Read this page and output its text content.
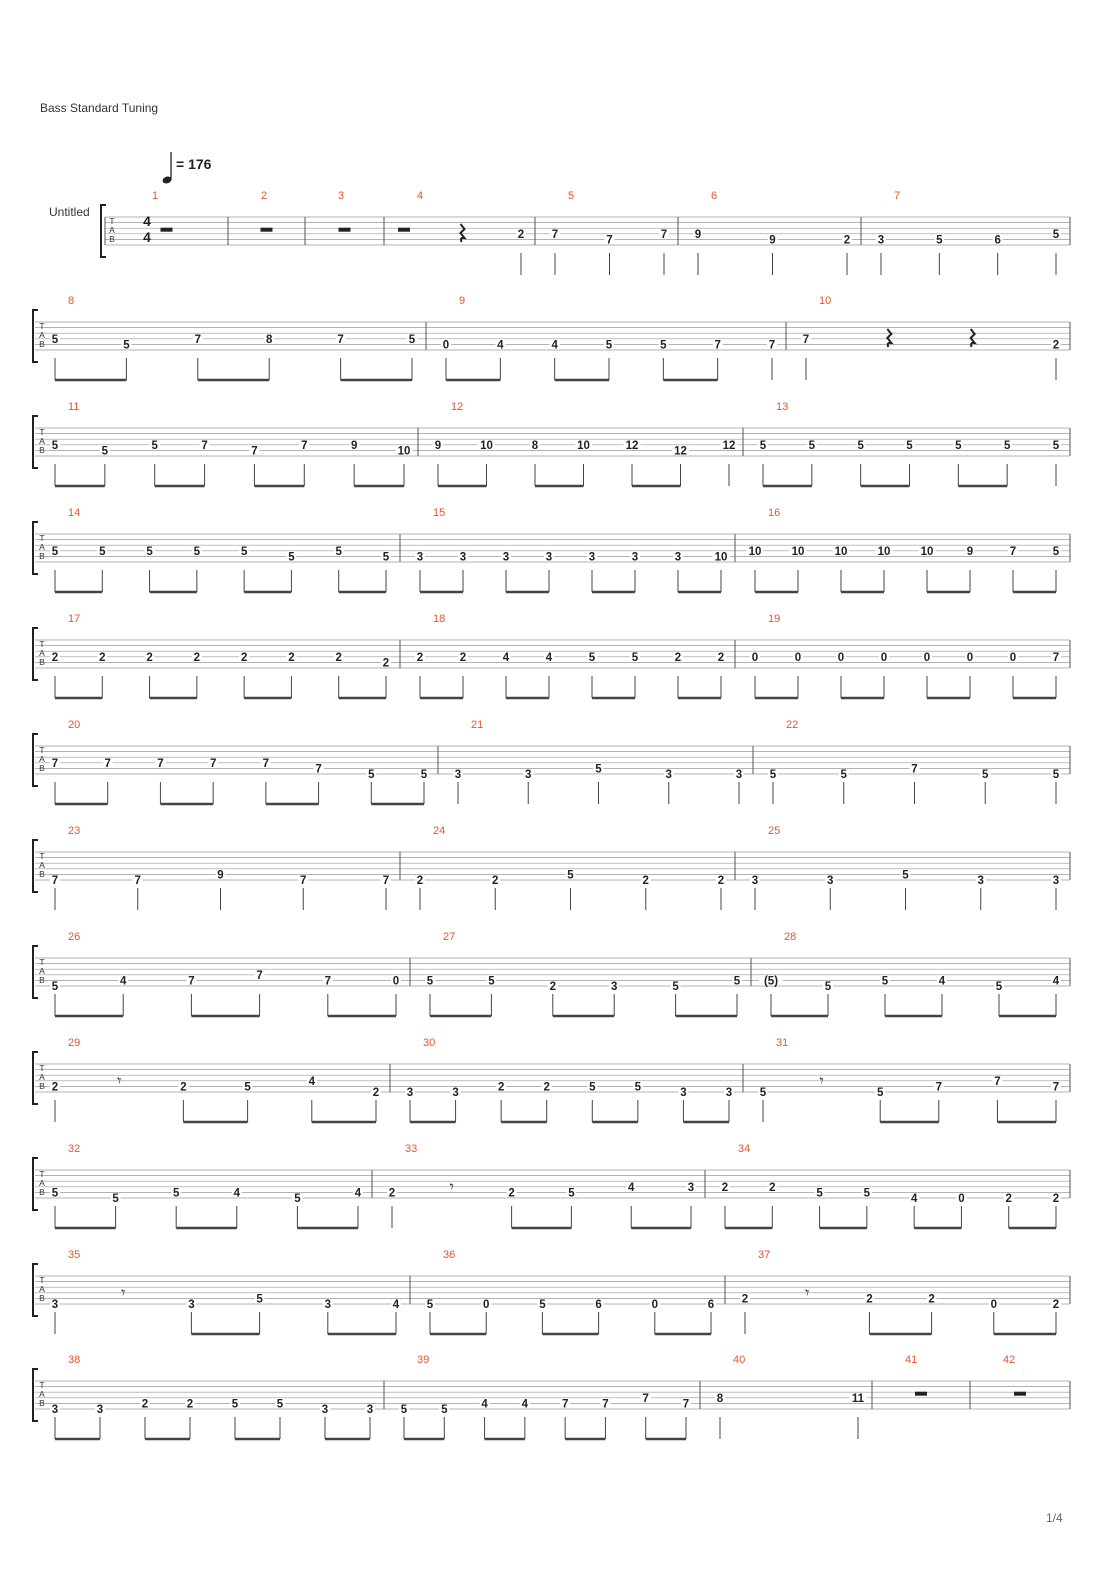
Bass Standard Tuning
= 176
1/4
T
A
B
Untitled
4
4
1	2	3	4
2
5
7	7	7
6
9	9	2
7
3	5	6	5
T
A
B
8
5	5	7	8	7	5
9
0	4	4	5	5	7	7
10
7	2
T
A
B
11
5	5	5	7	7	7	9	10
12
9	10	8	10	12	12	12
13
5	5	5	5	5	5	5
T
A
B
14
5	5	5	5	5	5	5	5
15
3	3	3	3	3	3	3	10
16
10	10	10	10	10	9	7	5
T
A
B
17
2	2	2	2	2	2	2	2
18
2	2	4	4	5	5	2	2
19
0	0	0	0	0	0	0	7
T
A
B
20
7	7	7	7	7	7	5	5
21
3	3	5	3	3
22
5	5	7	5	5
T
A
B
23
7	7	9	7	7
24
2	2	5	2	2
25
3	3	5	3	3
T
A
B
26
5	4	7	7	7	0
27
5	5	2	3	5	5
28
(5)	5	5	4	5	4
T
A
B
29
2	𝄾	2	5	4
2
30
3	3	2	2	5	5	3	3
31
5
𝄾
5	7	7	7
T
A
B
32
5	5	5	4	5	4
33
2	𝄾	2	5	4	3
34
2	2	5	5	4	0	2	2
T
A
B
35
3
𝄾
3	5	3	4
36
5	0	5	6	0	6
37
2	𝄾	2	2	0	2
T
A
B
38
3	3	2	2	5	5	3	3
39
5	5	4	4	7	7	7	7
40
8	11
41	42
